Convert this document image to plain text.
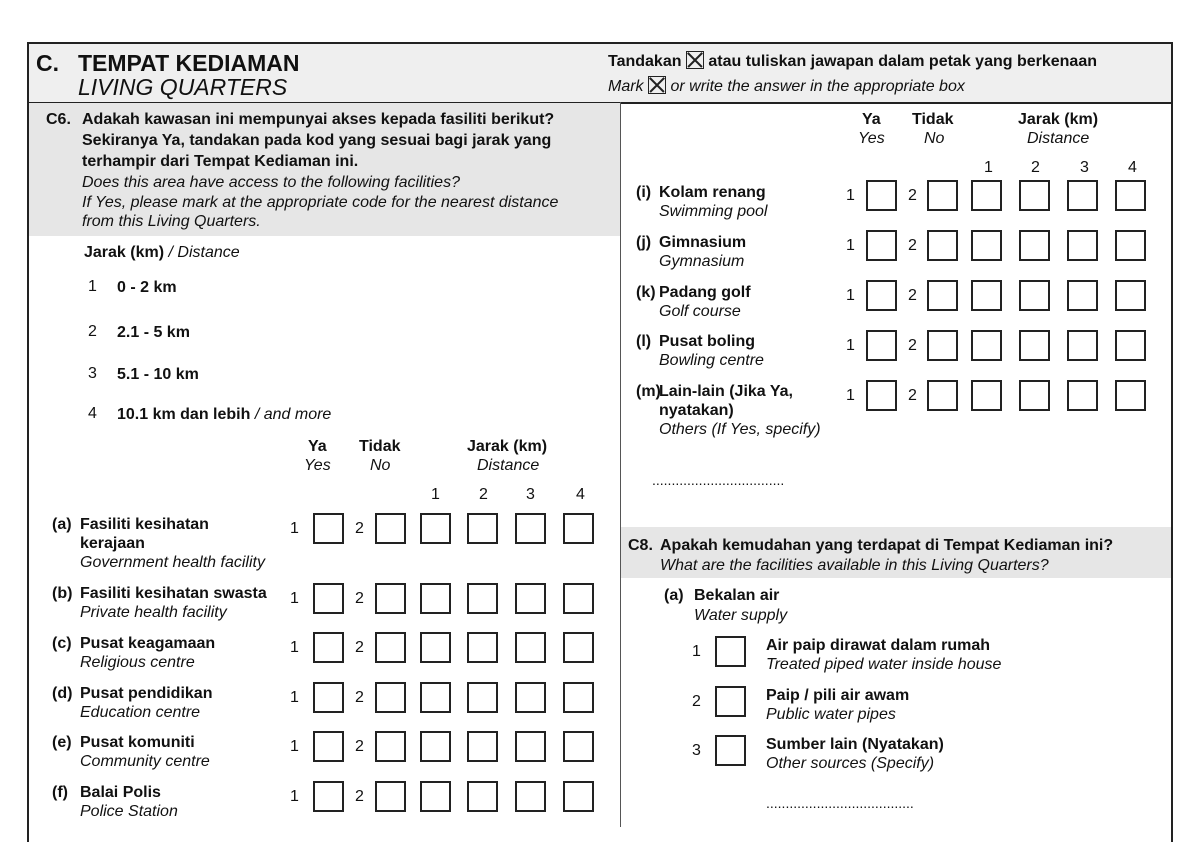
C. TEMPAT KEDIAMAN
LIVING QUARTERS
Tandakan ☒ atau tuliskan jawapan dalam petak yang berkenaan
Mark ☒ or write the answer in the appropriate box
C6. Adakah kawasan ini mempunyai akses kepada fasiliti berikut?
Sekiranya Ya, tandakan pada kod yang sesuai bagi jarak yang
terhampir dari Tempat Kediaman ini.
Does this area have access to the following facilities?
If Yes, please mark at the appropriate code for the nearest distance
from this Living Quarters.
Jarak (km) / Distance
1 0 - 2 km
2 2.1 - 5 km
3 5.1 - 10 km
4 10.1 km dan lebih / and more
Ya
Yes
Tidak
No
Jarak (km)
Distance
1 2 3	4
Ya
Yes
Tidak
No
Jarak (km)
Distance
1 2	3 4
(a) Fasiliti kesihatan
kerajaan
Government health facility
1	2
(b) Fasiliti kesihatan swasta
Private health facility
1	2
(c) Pusat keagamaan
Religious centre
1	2
(d) Pusat pendidikan
Education centre
1	2
(e) Pusat komuniti
Community centre
1	2
(f) Balai Polis
Police Station
1	2
(i) Kolam renang
Swimming pool
1	2
(j) Gimnasium
Gymnasium
1	2
(k) Padang golf
Golf course
1	2
(l) Pusat boling
Bowling centre
1	2
(m)
Lain-lain (Jika Ya,
nyatakan)
Others (If Yes, specify)
1	2
..................................
C8. Apakah kemudahan yang terdapat di Tempat Kediaman ini?
What are the facilities available in this Living Quarters?
(a) Bekalan air
Water supply
1	Air paip dirawat dalam rumah
Treated piped water inside house
2	Paip / pili air awam
Public water pipes
3	Sumber lain (Nyatakan)
Other sources (Specify)
......................................
